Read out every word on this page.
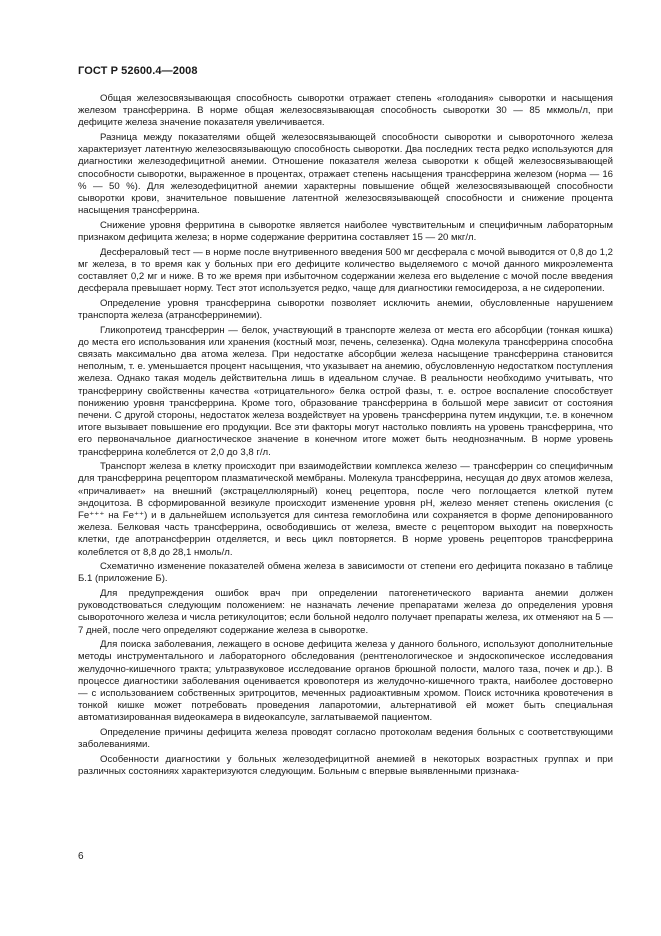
ГОСТ Р 52600.4—2008

Общая железосвязывающая способность сыворотки отражает степень «голодания» сыворотки и насыщения железом трансферрина. В норме общая железосвязывающая способность сыворотки 30 — 85 мкмоль/л, при дефиците железа значение показателя увеличивается.

Разница между показателями общей железосвязывающей способности сыворотки и сывороточного железа характеризует латентную железосвязывающую способность сыворотки. Два последних теста редко используются для диагностики железодефицитной анемии. Отношение показателя железа сыворотки к общей железосвязывающей способности сыворотки, выраженное в процентах, отражает степень насыщения трансферрина железом (норма — 16 % — 50 %). Для железодефицитной анемии характерны повышение общей железосвязывающей способности сыворотки крови, значительное повышение латентной железосвязывающей способности и снижение процента насыщения трансферрина.

Снижение уровня ферритина в сыворотке является наиболее чувствительным и специфичным лабораторным признаком дефицита железа; в норме содержание ферритина составляет 15 — 20 мкг/л.

Десфераловый тест — в норме после внутривенного введения 500 мг десферала с мочой выводится от 0,8 до 1,2 мг железа, в то время как у больных при его дефиците количество выделяемого с мочой данного микроэлемента составляет 0,2 мг и ниже. В то же время при избыточном содержании железа его выделение с мочой после введения десферала превышает норму. Тест этот используется редко, чаще для диагностики гемосидероза, а не сидеропении.

Определение уровня трансферрина сыворотки позволяет исключить анемии, обусловленные нарушением транспорта железа (атрансферринемии).

Гликопротеид трансферрин — белок, участвующий в транспорте железа от места его абсорбции (тонкая кишка) до места его использования или хранения (костный мозг, печень, селезенка). Одна молекула трансферрина способна связать максимально два атома железа. При недостатке абсорбции железа насыщение трансферрина становится неполным, т. е. уменьшается процент насыщения, что указывает на анемию, обусловленную недостатком поступления железа. Однако такая модель действительна лишь в идеальном случае. В реальности необходимо учитывать, что трансферрину свойственны качества «отрицательного» белка острой фазы, т. е. острое воспаление способствует понижению уровня трансферрина. Кроме того, образование трансферрина в большой мере зависит от состояния печени. С другой стороны, недостаток железа воздействует на уровень трансферрина путем индукции, т.е. в конечном итоге вызывает повышение его продукции. Все эти факторы могут настолько повлиять на уровень трансферрина, что его первоначальное диагностическое значение в конечном итоге может быть неоднозначным. В норме уровень трансферрина колеблется от 2,0 до 3,8 г/л.

Транспорт железа в клетку происходит при взаимодействии комплекса железо — трансферрин со специфичным для трансферрина рецептором плазматической мембраны. Молекула трансферрина, несущая до двух атомов железа, «причаливает» на внешний (экстрацеллюлярный) конец рецептора, после чего поглощается клеткой путем эндоцитоза. В сформированной везикуле происходит изменение уровня pH, железо меняет степень окисления (с Fe⁺⁺⁺ на Fe⁺⁺) и в дальнейшем используется для синтеза гемоглобина или сохраняется в форме депонированного железа. Белковая часть трансферрина, освободившись от железа, вместе с рецептором выходит на поверхность клетки, где апотрансферрин отделяется, и весь цикл повторяется. В норме уровень рецепторов трансферрина колеблется от 8,8 до 28,1 нмоль/л.

Схематично изменение показателей обмена железа в зависимости от степени его дефицита показано в таблице Б.1 (приложение Б).

Для предупреждения ошибок врач при определении патогенетического варианта анемии должен руководствоваться следующим положением: не назначать лечение препаратами железа до определения уровня сывороточного железа и числа ретикулоцитов; если больной недолго получает препараты железа, их отменяют на 5 — 7 дней, после чего определяют содержание железа в сыворотке.

Для поиска заболевания, лежащего в основе дефицита железа у данного больного, используют дополнительные методы инструментального и лабораторного обследования (рентгенологическое и эндоскопическое исследования желудочно-кишечного тракта; ультразвуковое исследование органов брюшной полости, малого таза, почек и др.). В процессе диагностики заболевания оценивается кровопотеря из желудочно-кишечного тракта, наиболее достоверно — с использованием собственных эритроцитов, меченных радиоактивным хромом. Поиск источника кровотечения в тонкой кишке может потребовать проведения лапаротомии, альтернативой ей может быть специальная автоматизированная видеокамера в видеокапсуле, заглатываемой пациентом.

Определение причины дефицита железа проводят согласно протоколам ведения больных с соответствующими заболеваниями.

Особенности диагностики у больных железодефицитной анемией в некоторых возрастных группах и при различных состояниях характеризуются следующим. Больным с впервые выявленными признака-

6
